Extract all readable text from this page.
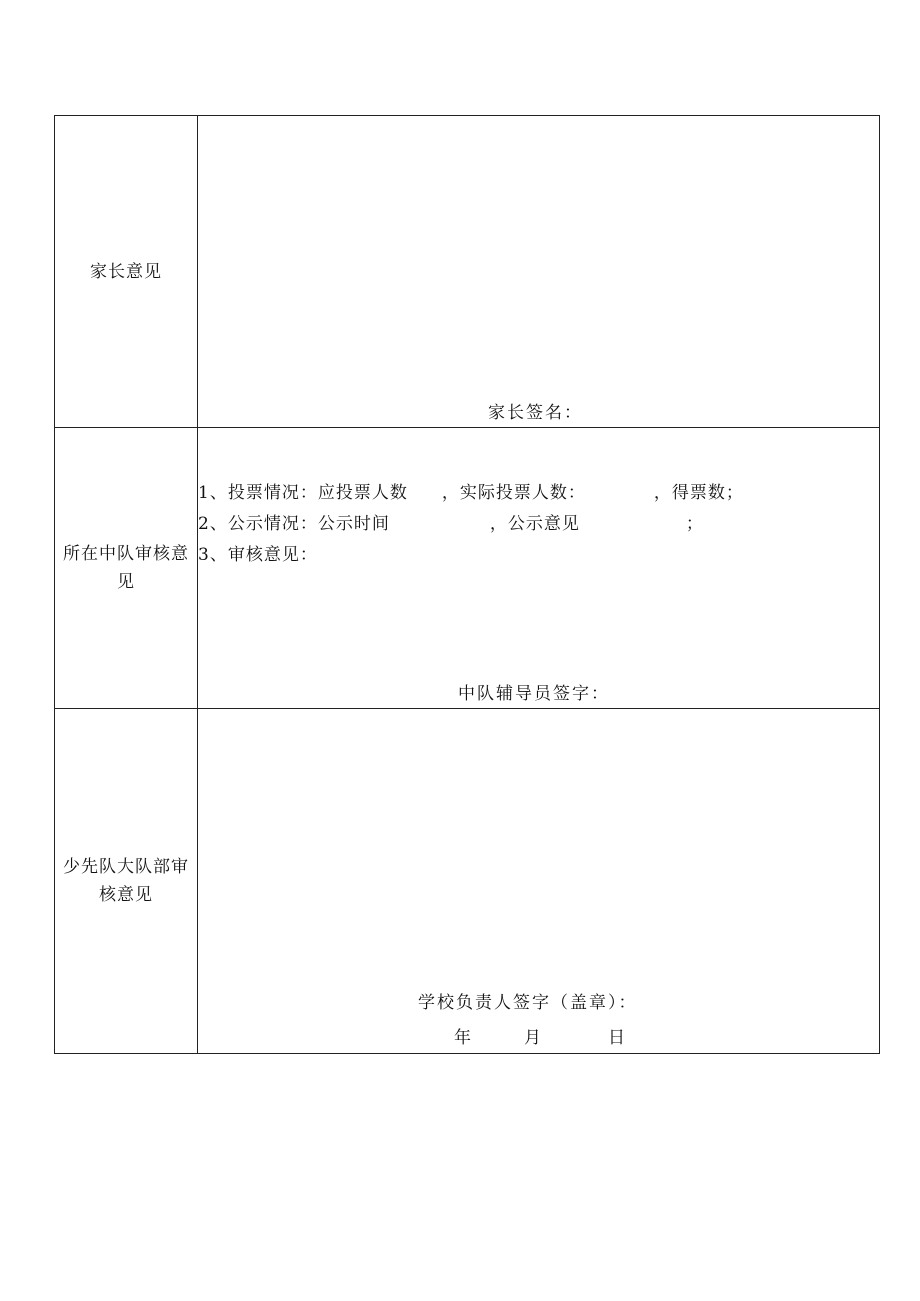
家长意见	家长签名：

所在中队审核意见	1、投票情况：应投票人数 ，实际投票人数： ，得票数；
2、公示情况：公示时间 ，公示意见 ；
3、审核意见：
中队辅导员签字：

少先队大队部审核意见	学校负责人签字（盖章）：
年 月 日
